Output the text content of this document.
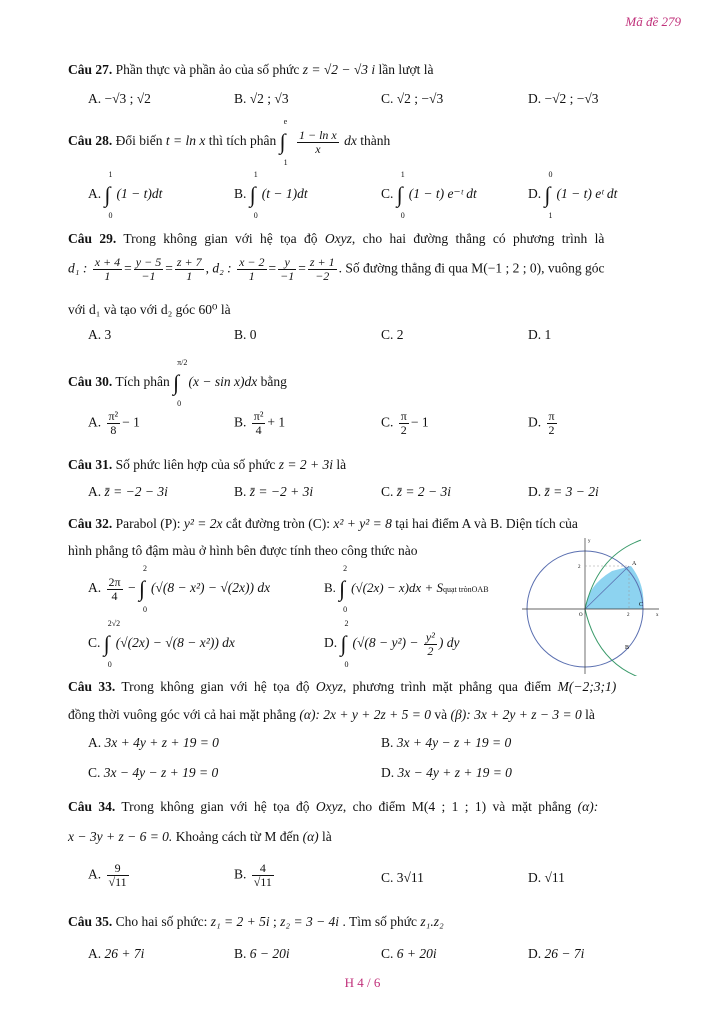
Mã đề 279
Câu 27. Phần thực và phần ảo của số phức z = √2 − √3 i lần lượt là
A. −√3 ; √2	B. √2 ; √3	C. √2 ; −√3	D. −√2 ; −√3
Câu 28. Đổi biến t = ln x thì tích phân ∫
e
1

$\frac{\text{1 − ln x}}{x}$ dx thành
A. ∫
1
0
(1 − t)dt	B. ∫
1
0
(t − 1)dt	C. ∫
1
0
(1 − t) e⁻ᵗ dt	D. ∫
0
1
(1 − t) eᵗ dt
Câu 29. Trong không gian với hệ tọa độ Oxyz, cho hai đường thẳng có phương trình là
d₁ : $\frac{x + 4}{1} = \frac{y - 5}{-1} = \frac{z + 7}{1}$ , d₂ : $\frac{x - 2}{1} = \frac{y}{-1} = \frac{z + 1}{-2}$ . Số đường thẳng đi qua M(−1 ; 2 ; 0), vuông góc
với d₁ và tạo với d₂ góc 60⁰ là
A. 3	B. 0	C. 2	D. 1
Câu 30. Tích phân ∫
π/2
0
(x − sin x)dx bằng
A. $\frac{\text{π²}}{8} - 1$	B. $\frac{\text{π²}}{4} + 1$	C. $\frac{\pi}{2} - 1$	D. $\frac{\pi}{2}$
Câu 31. Số phức liên hợp của số phức z = 2 + 3i là
A. z̄ = −2 − 3i	B. z̄ = −2 + 3i	C. z̄ = 2 − 3i	D. z̄ = 3 − 2i
Câu 32. Parabol (P): y² = 2x cắt đường tròn (C): x² + y² = 8 tại hai điểm A và B. Diện tích của
hình phẳng tô đậm màu ở hình bên được tính theo công thức nào
A. $\frac{2\pi}{4}$ − ∫
2
0
(√(8 − x²) − √(2x)) dx	B. ∫
2
0
(√(2x) − x)dx + Squạt trònOAB
C. ∫
2√2
0
(√(2x) − √(8 − x²)) dx	D. ∫
2
0
($√(8 - y^2) - \frac{\text{y²}}{2}$ ) dy
A
B
C
O
2
2	x
y
Câu 33. Trong không gian với hệ tọa độ Oxyz, phương trình mặt phẳng qua điểm M(−2;3;1)
đồng thời vuông góc với cả hai mặt phẳng (α): 2x + y + 2z + 5 = 0 và (β): 3x + 2y + z − 3 = 0 là
A. 3x + 4y + z + 19 = 0	B. 3x + 4y − z + 19 = 0
C. 3x − 4y − z + 19 = 0	D. 3x − 4y + z + 19 = 0
Câu 34. Trong không gian với hệ tọa độ Oxyz, cho điểm M(4 ; 1 ; 1) và mặt phẳng (α):
x − 3y + z − 6 = 0. Khoảng cách từ M đến (α) là
A. $\frac{9}{√11}$	B. $\frac{4}{√11}$	C. 3√11	D. √11
Câu 35. Cho hai số phức: z₁ = 2 + 5i ; z₂ = 3 − 4i . Tìm số phức z₁.z₂
A. 26 + 7i	B. 6 − 20i	C. 6 + 20i	D. 26 − 7i
H 4 / 6
